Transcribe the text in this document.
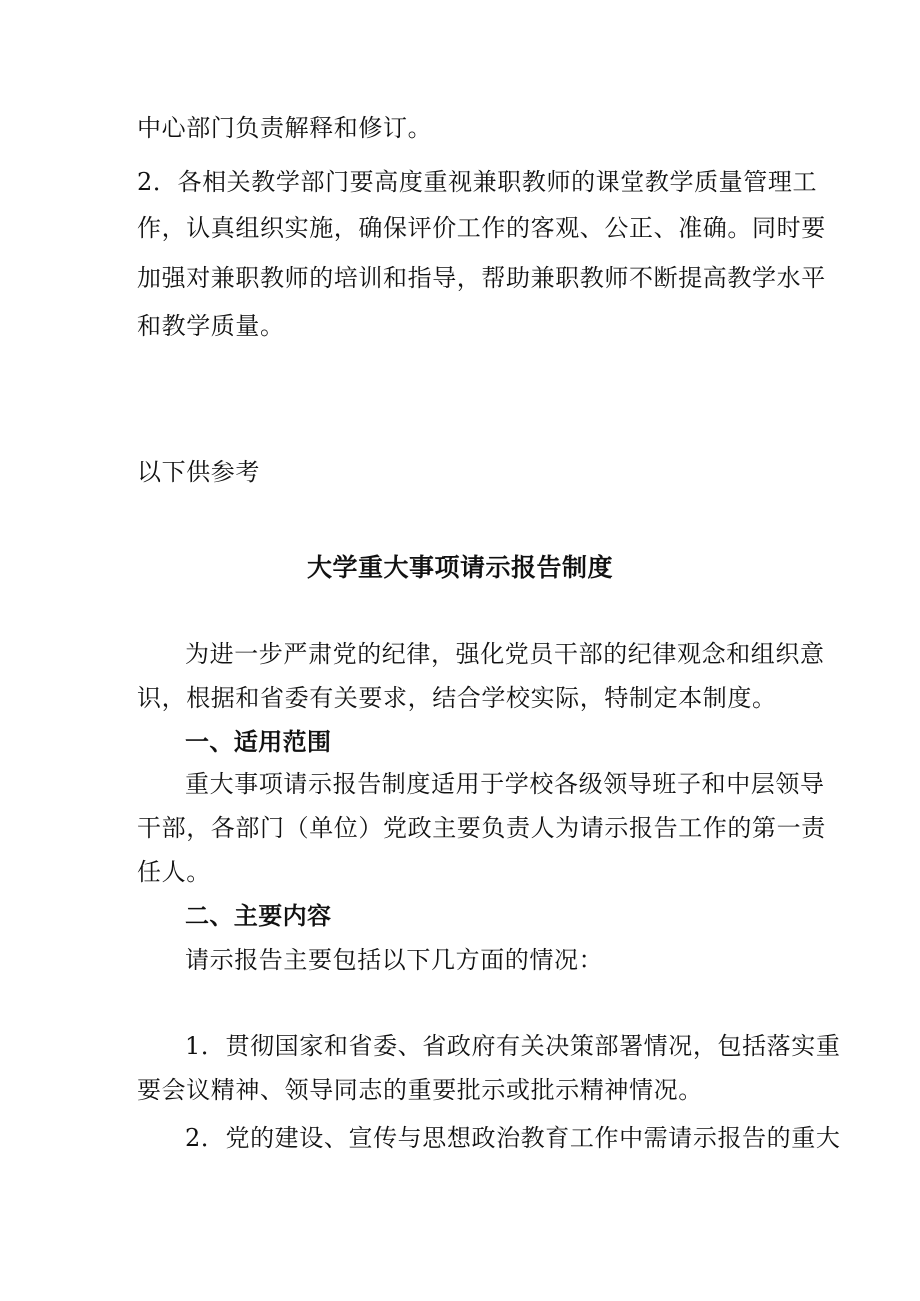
中心部门负责解释和修订。
2．各相关教学部门要高度重视兼职教师的课堂教学质量管理工
作，认真组织实施，确保评价工作的客观、公正、准确。同时要
加强对兼职教师的培训和指导，帮助兼职教师不断提高教学水平
和教学质量。
以下供参考
大学重大事项请示报告制度
为进一步严肃党的纪律，强化党员干部的纪律观念和组织意
识，根据和省委有关要求，结合学校实际，特制定本制度。
一、适用范围
重大事项请示报告制度适用于学校各级领导班子和中层领导
干部，各部门（单位）党政主要负责人为请示报告工作的第一责
任人。
二、主要内容
请示报告主要包括以下几方面的情况：
1．贯彻国家和省委、省政府有关决策部署情况，包括落实重
要会议精神、领导同志的重要批示或批示精神情况。
2．党的建设、宣传与思想政治教育工作中需请示报告的重大
